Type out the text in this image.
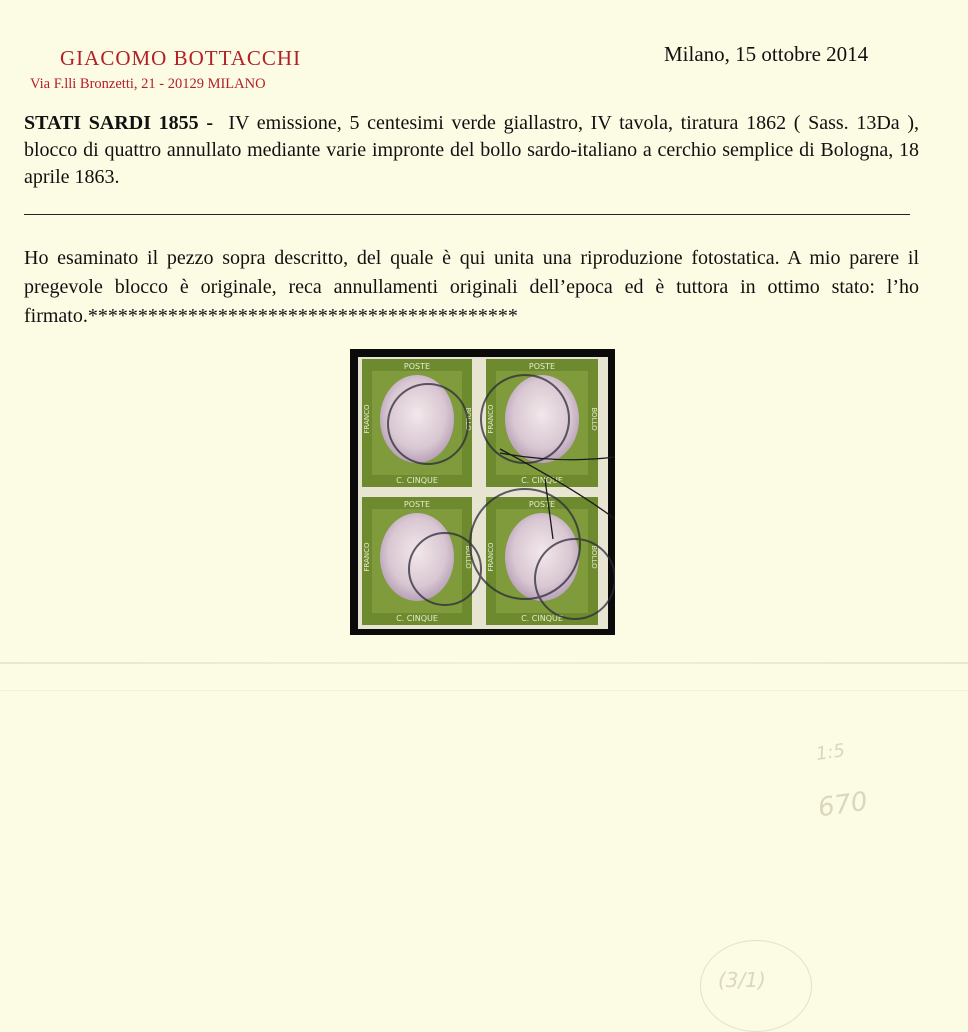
GIACOMO BOTTACCHI
Via F.lli Bronzetti, 21 - 20129 MILANO
Milano, 15 ottobre 2014
STATI SARDI 1855 - IV emissione, 5 centesimi verde giallastro, IV tavola, tiratura 1862 ( Sass. 13Da ), blocco di quattro annullato mediante varie impronte del bollo sardo-italiano a cerchio semplice di Bologna, 18 aprile 1863.
Ho esaminato il pezzo sopra descritto, del quale è qui unita una riproduzione fotostatica. A mio parere il pregevole blocco è originale, reca annullamenti originali dell’epoca ed è tuttora in ottimo stato: l’ho firmato.*******************************************
POSTE
C. CINQUE
FRANCO	BOLLO
POSTE
C. CINQUE
FRANCO	BOLLO
POSTE
C. CINQUE
FRANCO	BOLLO
POSTE
C. CINQUE
FRANCO	BOLLO
1:5
670
(3/1)
